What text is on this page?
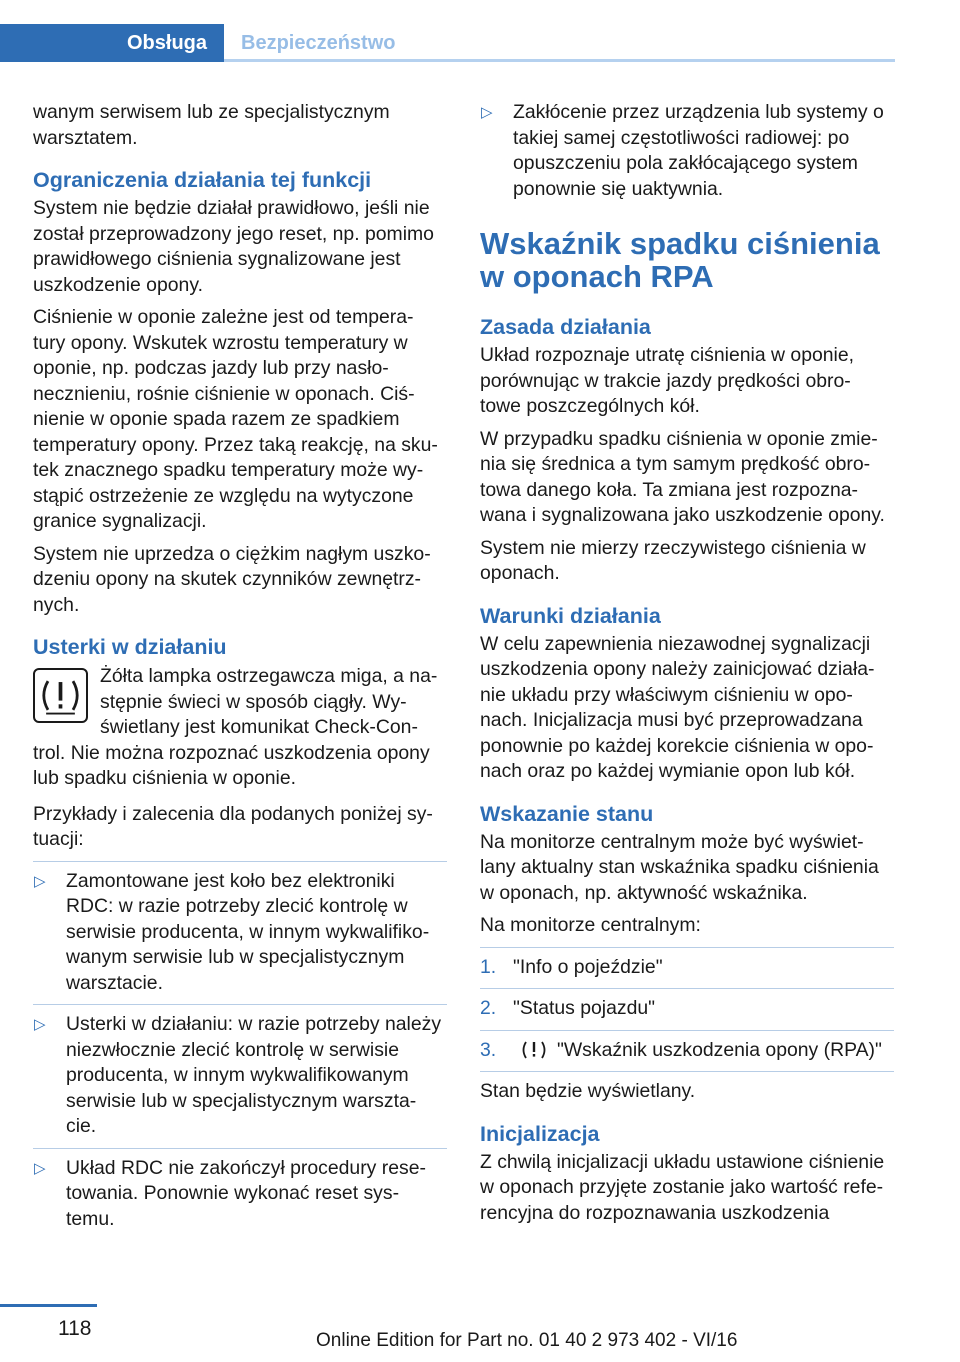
Obsługa	Bezpieczeństwo

wanym serwisem lub ze specjalistycznym warsztatem.

Ograniczenia działania tej funkcji

System nie będzie działał prawidłowo, jeśli nie został przeprowadzony jego reset, np. pomimo prawidłowego ciśnienia sygnalizowane jest uszkodzenie opony.

Ciśnienie w oponie zależne jest od tempera- tury opony. Wskutek wzrostu temperatury w oponie, np. podczas jazdy lub przy nasło- necznieniu, rośnie ciśnienie w oponach. Ciś- nienie w oponie spada razem ze spadkiem temperatury opony. Przez taką reakcję, na sku- tek znacznego spadku temperatury może wy- stąpić ostrzeżenie ze względu na wytyczone granice sygnalizacji.

System nie uprzedza o ciężkim nagłym uszko- dzeniu opony na skutek czynników zewnętrz- nych.

Usterki w działaniu

Żółta lampka ostrzegawcza miga, a na- stępnie świeci w sposób ciągły. Wy- świetlany jest komunikat Check-Con- trol. Nie można rozpoznać uszkodzenia opony lub spadku ciśnienia w oponie.

Przykłady i zalecenia dla podanych poniżej sy- tuacji:

▷ Zamontowane jest koło bez elektroniki RDC: w razie potrzeby zlecić kontrolę w serwisie producenta, w innym wykwalifiko- wanym serwisie lub w specjalistycznym warsztacie.
▷ Usterki w działaniu: w razie potrzeby należy niezwłocznie zlecić kontrolę w serwisie producenta, w innym wykwalifikowanym serwisie lub w specjalistycznym warszta- cie.
▷ Układ RDC nie zakończył procedury rese- towania. Ponownie wykonać reset sys- temu.
▷ Zakłócenie przez urządzenia lub systemy o takiej samej częstotliwości radiowej: po opuszczeniu pola zakłócającego system ponownie się uaktywnia.
Wskaźnik spadku ciśnienia w oponach RPA
Zasada działania

Układ rozpoznaje utratę ciśnienia w oponie, porównując w trakcie jazdy prędkości obro- towe poszczególnych kół.

W przypadku spadku ciśnienia w oponie zmie- nia się średnica a tym samym prędkość obro- towa danego koła. Ta zmiana jest rozpozna- wana i sygnalizowana jako uszkodzenie opony.

System nie mierzy rzeczywistego ciśnienia w oponach.

Warunki działania

W celu zapewnienia niezawodnej sygnalizacji uszkodzenia opony należy zainicjować działa- nie układu przy właściwym ciśnieniu w opo- nach. Inicjalizacja musi być przeprowadzana ponownie po każdej korekcie ciśnienia w opo- nach oraz po każdej wymianie opon lub kół.

Wskazanie stanu

Na monitorze centralnym może być wyświet- lany aktualny stan wskaźnika spadku ciśnienia w oponach, np. aktywność wskaźnika.

Na monitorze centralnym:

1. "Info o pojeździe"
2. "Status pojazdu"
3.	"Wskaźnik uszkodzenia opony (RPA)"

Stan będzie wyświetlany.

Inicjalizacja

Z chwilą inicjalizacji układu ustawione ciśnienie w oponach przyjęte zostanie jako wartość refe- rencyjna do rozpoznawania uszkodzenia

118
Online Edition for Part no. 01 40 2 973 402 - VI/16
